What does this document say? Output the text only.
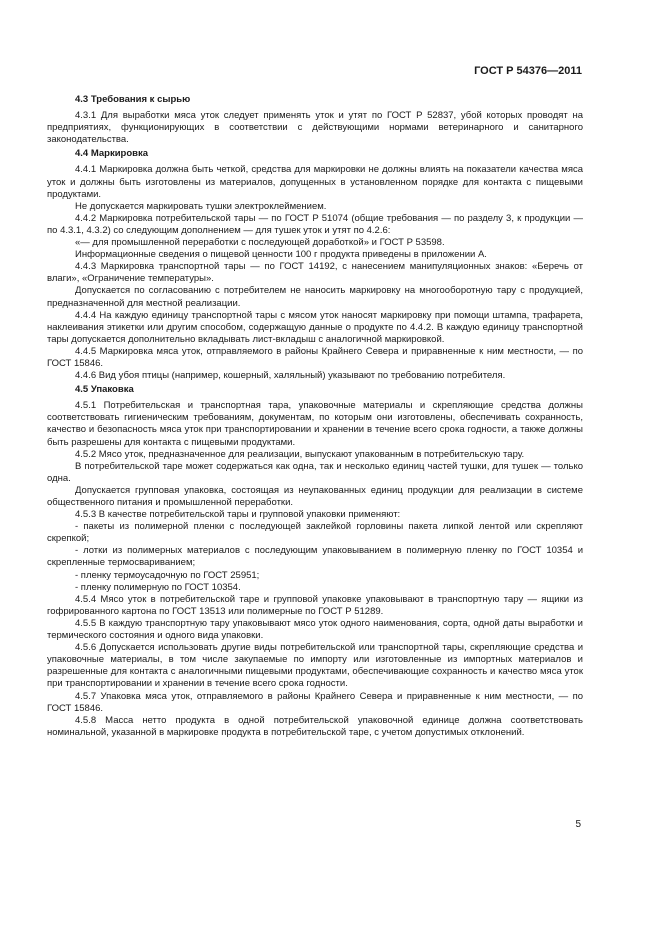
ГОСТ Р 54376—2011

4.3 Требования к сырью

4.3.1 Для выработки мяса уток следует применять уток и утят по ГОСТ Р 52837, убой которых проводят на предприятиях, функционирующих в соответствии с действующими нормами ветеринарного и санитарного законодательства.

4.4 Маркировка

4.4.1 Маркировка должна быть четкой, средства для маркировки не должны влиять на показатели качества мяса уток и должны быть изготовлены из материалов, допущенных в установленном порядке для контакта с пищевыми продуктами.

Не допускается маркировать тушки электроклеймением.

4.4.2 Маркировка потребительской тары — по ГОСТ Р 51074 (общие требования — по разделу 3, к продукции — по 4.3.1, 4.3.2) со следующим дополнением — для тушек уток и утят по 4.2.6:

«— для промышленной переработки с последующей доработкой» и ГОСТ Р 53598.

Информационные сведения о пищевой ценности 100 г продукта приведены в приложении А.

4.4.3 Маркировка транспортной тары — по ГОСТ 14192, с нанесением манипуляционных знаков: «Беречь от влаги», «Ограничение температуры».

Допускается по согласованию с потребителем не наносить маркировку на многооборотную тару с продукцией, предназначенной для местной реализации.

4.4.4 На каждую единицу транспортной тары с мясом уток наносят маркировку при помощи штампа, трафарета, наклеивания этикетки или другим способом, содержащую данные о продукте по 4.4.2. В каждую единицу транспортной тары допускается дополнительно вкладывать лист-вкладыш с аналогичной маркировкой.

4.4.5 Маркировка мяса уток, отправляемого в районы Крайнего Севера и приравненные к ним местности, — по ГОСТ 15846.

4.4.6 Вид убоя птицы (например, кошерный, халяльный) указывают по требованию потребителя.

4.5 Упаковка

4.5.1 Потребительская и транспортная тара, упаковочные материалы и скрепляющие средства должны соответствовать гигиеническим требованиям, документам, по которым они изготовлены, обеспечивать сохранность, качество и безопасность мяса уток при транспортировании и хранении в течение всего срока годности, а также должны быть разрешены для контакта с пищевыми продуктами.

4.5.2 Мясо уток, предназначенное для реализации, выпускают упакованным в потребительскую тару.

В потребительской таре может содержаться как одна, так и несколько единиц частей тушки, для тушек — только одна.

Допускается групповая упаковка, состоящая из неупакованных единиц продукции для реализации в системе общественного питания и промышленной переработки.

4.5.3 В качестве потребительской тары и групповой упаковки применяют:

- пакеты из полимерной пленки с последующей заклейкой горловины пакета липкой лентой или скрепляют скрепкой;

- лотки из полимерных материалов с последующим упаковыванием в полимерную пленку по ГОСТ 10354 и скрепленные термосвариванием;

- пленку термоусадочную по ГОСТ 25951;

- пленку полимерную по ГОСТ 10354.

4.5.4 Мясо уток в потребительской таре и групповой упаковке упаковывают в транспортную тару — ящики из гофрированного картона по ГОСТ 13513 или полимерные по ГОСТ Р 51289.

4.5.5 В каждую транспортную тару упаковывают мясо уток одного наименования, сорта, одной даты выработки и термического состояния и одного вида упаковки.

4.5.6 Допускается использовать другие виды потребительской или транспортной тары, скрепляющие средства и упаковочные материалы, в том числе закупаемые по импорту или изготовленные из импортных материалов и разрешенные для контакта с аналогичными пищевыми продуктами, обеспечивающие сохранность и качество мяса уток при транспортировании и хранении в течение всего срока годности.

4.5.7 Упаковка мяса уток, отправляемого в районы Крайнего Севера и приравненные к ним местности, — по ГОСТ 15846.

4.5.8 Масса нетто продукта в одной потребительской упаковочной единице должна соответствовать номинальной, указанной в маркировке продукта в потребительской таре, с учетом допустимых отклонений.

5
